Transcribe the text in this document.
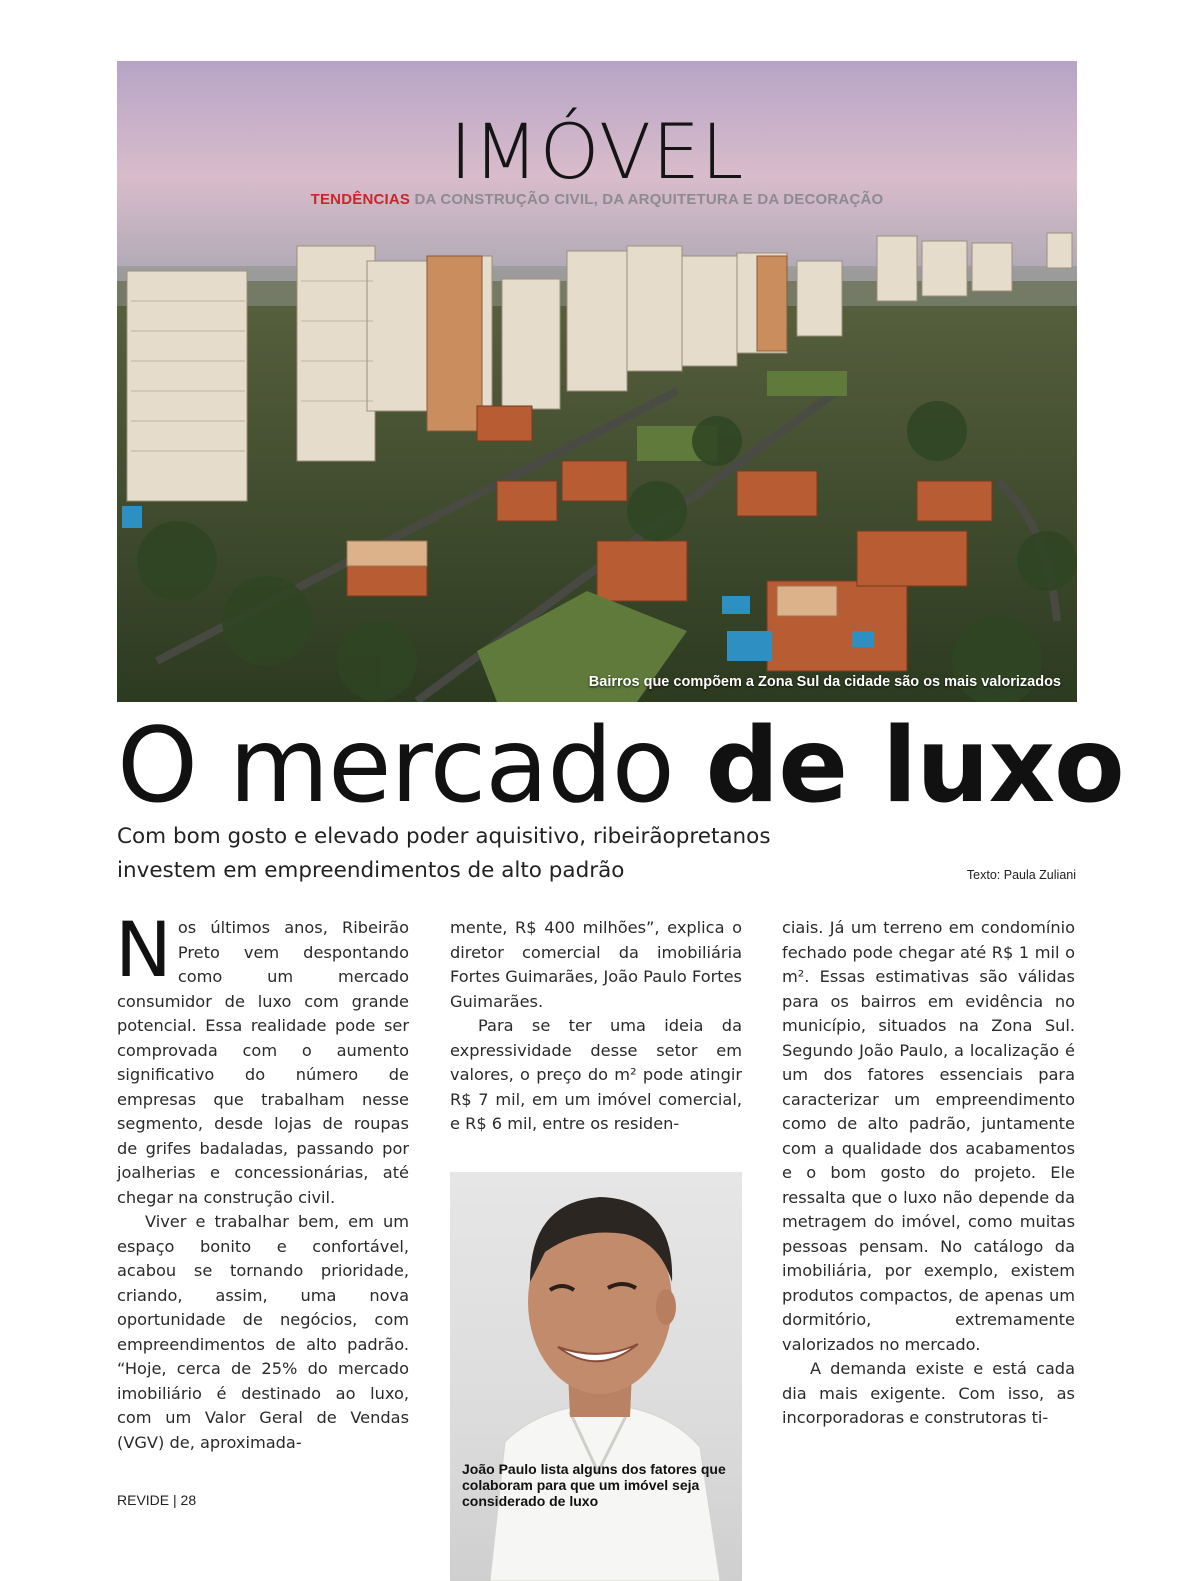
IMÓVEL
TENDÊNCIAS DA CONSTRUÇÃO CIVIL, DA ARQUITETURA E DA DECORAÇÃO
Bairros que compõem a Zona Sul da cidade são os mais valorizados
O mercado de luxo
Com bom gosto e elevado poder aquisitivo, ribeirãopretanos investem em empreendimentos de alto padrão	Texto: Paula Zuliani

Nos últimos anos, Ribeirão Preto vem despontando como um mercado consumidor de luxo com grande potencial. Essa realidade pode ser comprovada com o aumento significativo do número de empresas que trabalham nesse segmento, desde lojas de roupas de grifes badaladas, passando por joalherias e concessionárias, até chegar na construção civil.

Viver e trabalhar bem, em um espaço bonito e confortável, acabou se tornando prioridade, criando, assim, uma nova oportunidade de negócios, com empreendimentos de alto padrão. “Hoje, cerca de 25% do mercado imobiliário é destinado ao luxo, com um Valor Geral de Vendas (VGV) de, aproximada-

mente, R$ 400 milhões”, explica o diretor comercial da imobiliária Fortes Guimarães, João Paulo Fortes Guimarães.

Para se ter uma ideia da expressividade desse setor em valores, o preço do m² pode atingir R$ 7 mil, em um imóvel comercial, e R$ 6 mil, entre os residen-

João Paulo lista alguns dos fatores que colaboram para que um imóvel seja considerado de luxo

ciais. Já um terreno em condomínio fechado pode chegar até R$ 1 mil o m². Essas estimativas são válidas para os bairros em evidência no município, situados na Zona Sul. Segundo João Paulo, a localização é um dos fatores essenciais para caracterizar um empreendimento como de alto padrão, juntamente com a qualidade dos acabamentos e o bom gosto do projeto. Ele ressalta que o luxo não depende da metragem do imóvel, como muitas pessoas pensam. No catálogo da imobiliária, por exemplo, existem produtos compactos, de apenas um dormitório, extremamente valorizados no mercado.

A demanda existe e está cada dia mais exigente. Com isso, as incorporadoras e construtoras ti-

REVIDE | 28
